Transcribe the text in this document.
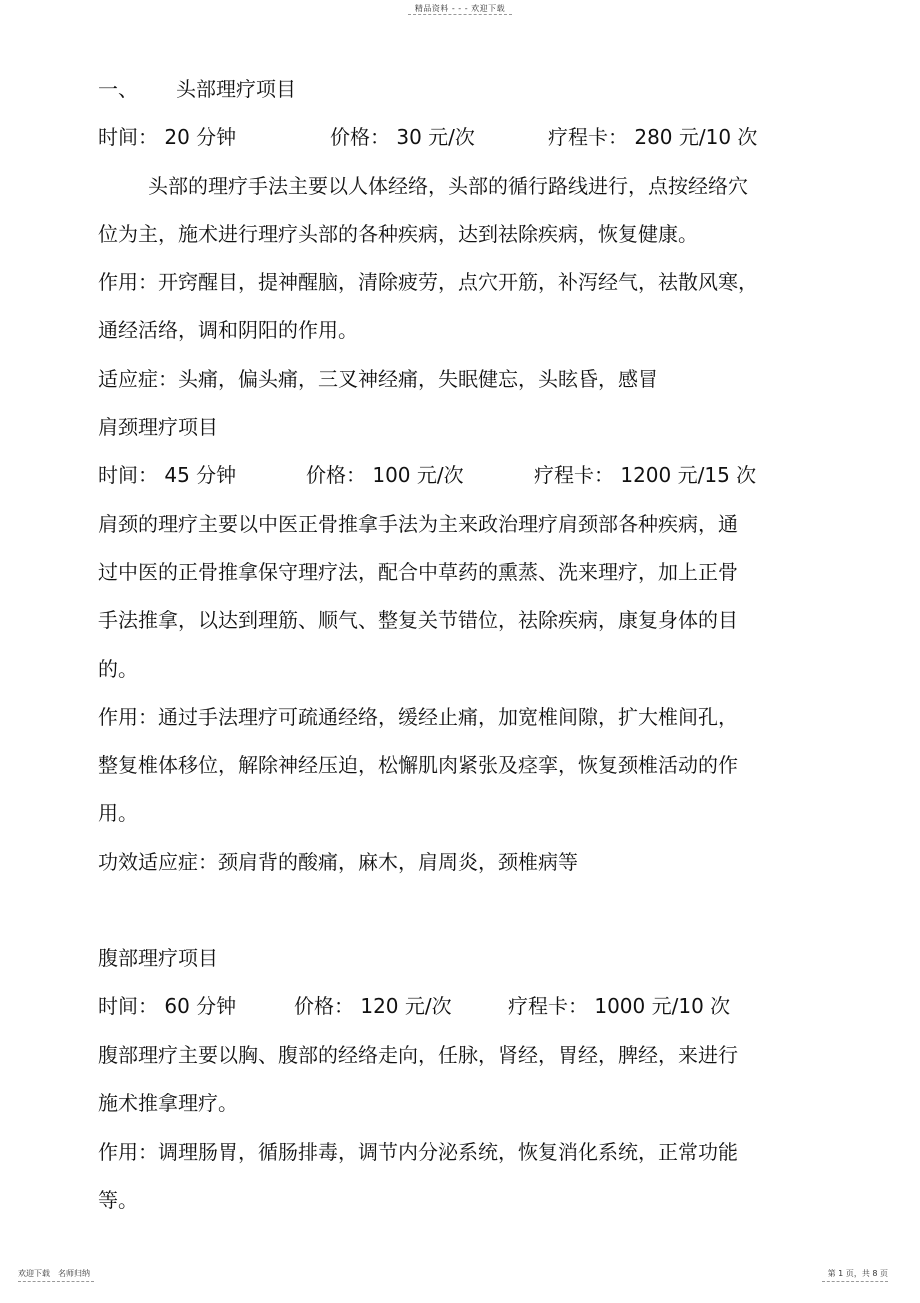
精品资料 - - - 欢迎下载
一、 头部理疗项目
时间： 20 分钟	价格： 30 元/次	疗程卡： 280 元/10 次
头部的理疗手法主要以人体经络，头部的循行路线进行，点按经络穴
位为主，施术进行理疗头部的各种疾病，达到祛除疾病，恢复健康。
作用：开窍醒目，提神醒脑，清除疲劳，点穴开筋，补泻经气，祛散风寒，
通经活络，调和阴阳的作用。
适应症：头痛，偏头痛，三叉神经痛，失眠健忘，头眩昏，感冒
肩颈理疗项目
时间： 45 分钟	价格： 100 元/次	疗程卡： 1200 元/15 次
肩颈的理疗主要以中医正骨推拿手法为主来政治理疗肩颈部各种疾病，通
过中医的正骨推拿保守理疗法，配合中草药的熏蒸、洗来理疗，加上正骨
手法推拿，以达到理筋、顺气、整复关节错位，祛除疾病，康复身体的目
的。
作用：通过手法理疗可疏通经络，缓经止痛，加宽椎间隙，扩大椎间孔，
整复椎体移位，解除神经压迫，松懈肌肉紧张及痉挛，恢复颈椎活动的作
用。
功效适应症：颈肩背的酸痛，麻木，肩周炎，颈椎病等
腹部理疗项目
时间： 60 分钟	价格： 120 元/次	疗程卡： 1000 元/10 次
腹部理疗主要以胸、腹部的经络走向，任脉，肾经，胃经，脾经，来进行
施术推拿理疗。
作用：调理肠胃，循肠排毒，调节内分泌系统，恢复消化系统，正常功能
等。
欢迎下载　名师归纳	第 1 页，共 8 页
